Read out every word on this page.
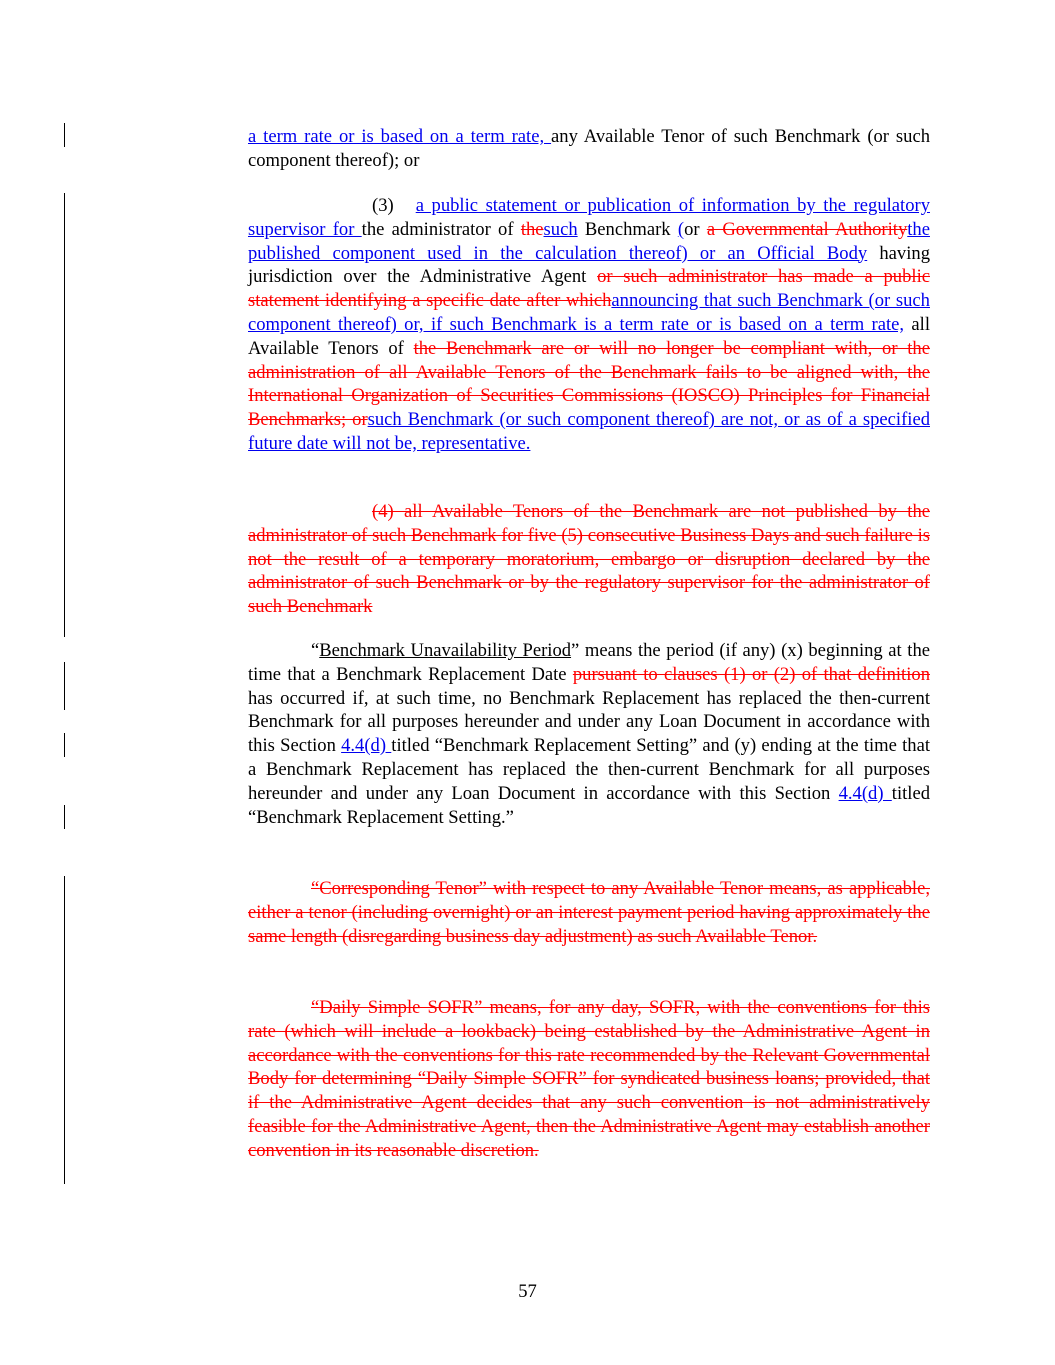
a term rate or is based on a term rate, any Available Tenor of such Benchmark (or such component thereof); or
(3) a public statement or publication of information by the regulatory supervisor for the administrator of thesuch Benchmark (or a Governmental Authoritythe published component used in the calculation thereof) or an Official Body having jurisdiction over the Administrative Agent or such administrator has made a public statement identifying a specific date after whichannouncing that such Benchmark (or such component thereof) or, if such Benchmark is a term rate or is based on a term rate, all Available Tenors of the Benchmark are or will no longer be compliant with, or the administration of all Available Tenors of the Benchmark fails to be aligned with, the International Organization of Securities Commissions (IOSCO) Principles for Financial Benchmarks; orsuch Benchmark (or such component thereof) are not, or as of a specified future date will not be, representative.
(4) all Available Tenors of the Benchmark are not published by the administrator of such Benchmark for five (5) consecutive Business Days and such failure is not the result of a temporary moratorium, embargo or disruption declared by the administrator of such Benchmark or by the regulatory supervisor for the administrator of such Benchmark
“Benchmark Unavailability Period” means the period (if any) (x) beginning at the time that a Benchmark Replacement Date pursuant to clauses (1) or (2) of that definition has occurred if, at such time, no Benchmark Replacement has replaced the then-current Benchmark for all purposes hereunder and under any Loan Document in accordance with this Section 4.4(d) titled “Benchmark Replacement Setting” and (y) ending at the time that a Benchmark Replacement has replaced the then-current Benchmark for all purposes hereunder and under any Loan Document in accordance with this Section 4.4(d) titled “Benchmark Replacement Setting.”
“Corresponding Tenor” with respect to any Available Tenor means, as applicable, either a tenor (including overnight) or an interest payment period having approximately the same length (disregarding business day adjustment) as such Available Tenor.
“Daily Simple SOFR” means, for any day, SOFR, with the conventions for this rate (which will include a lookback) being established by the Administrative Agent in accordance with the conventions for this rate recommended by the Relevant Governmental Body for determining “Daily Simple SOFR” for syndicated business loans; provided, that if the Administrative Agent decides that any such convention is not administratively feasible for the Administrative Agent, then the Administrative Agent may establish another convention in its reasonable discretion.
57
